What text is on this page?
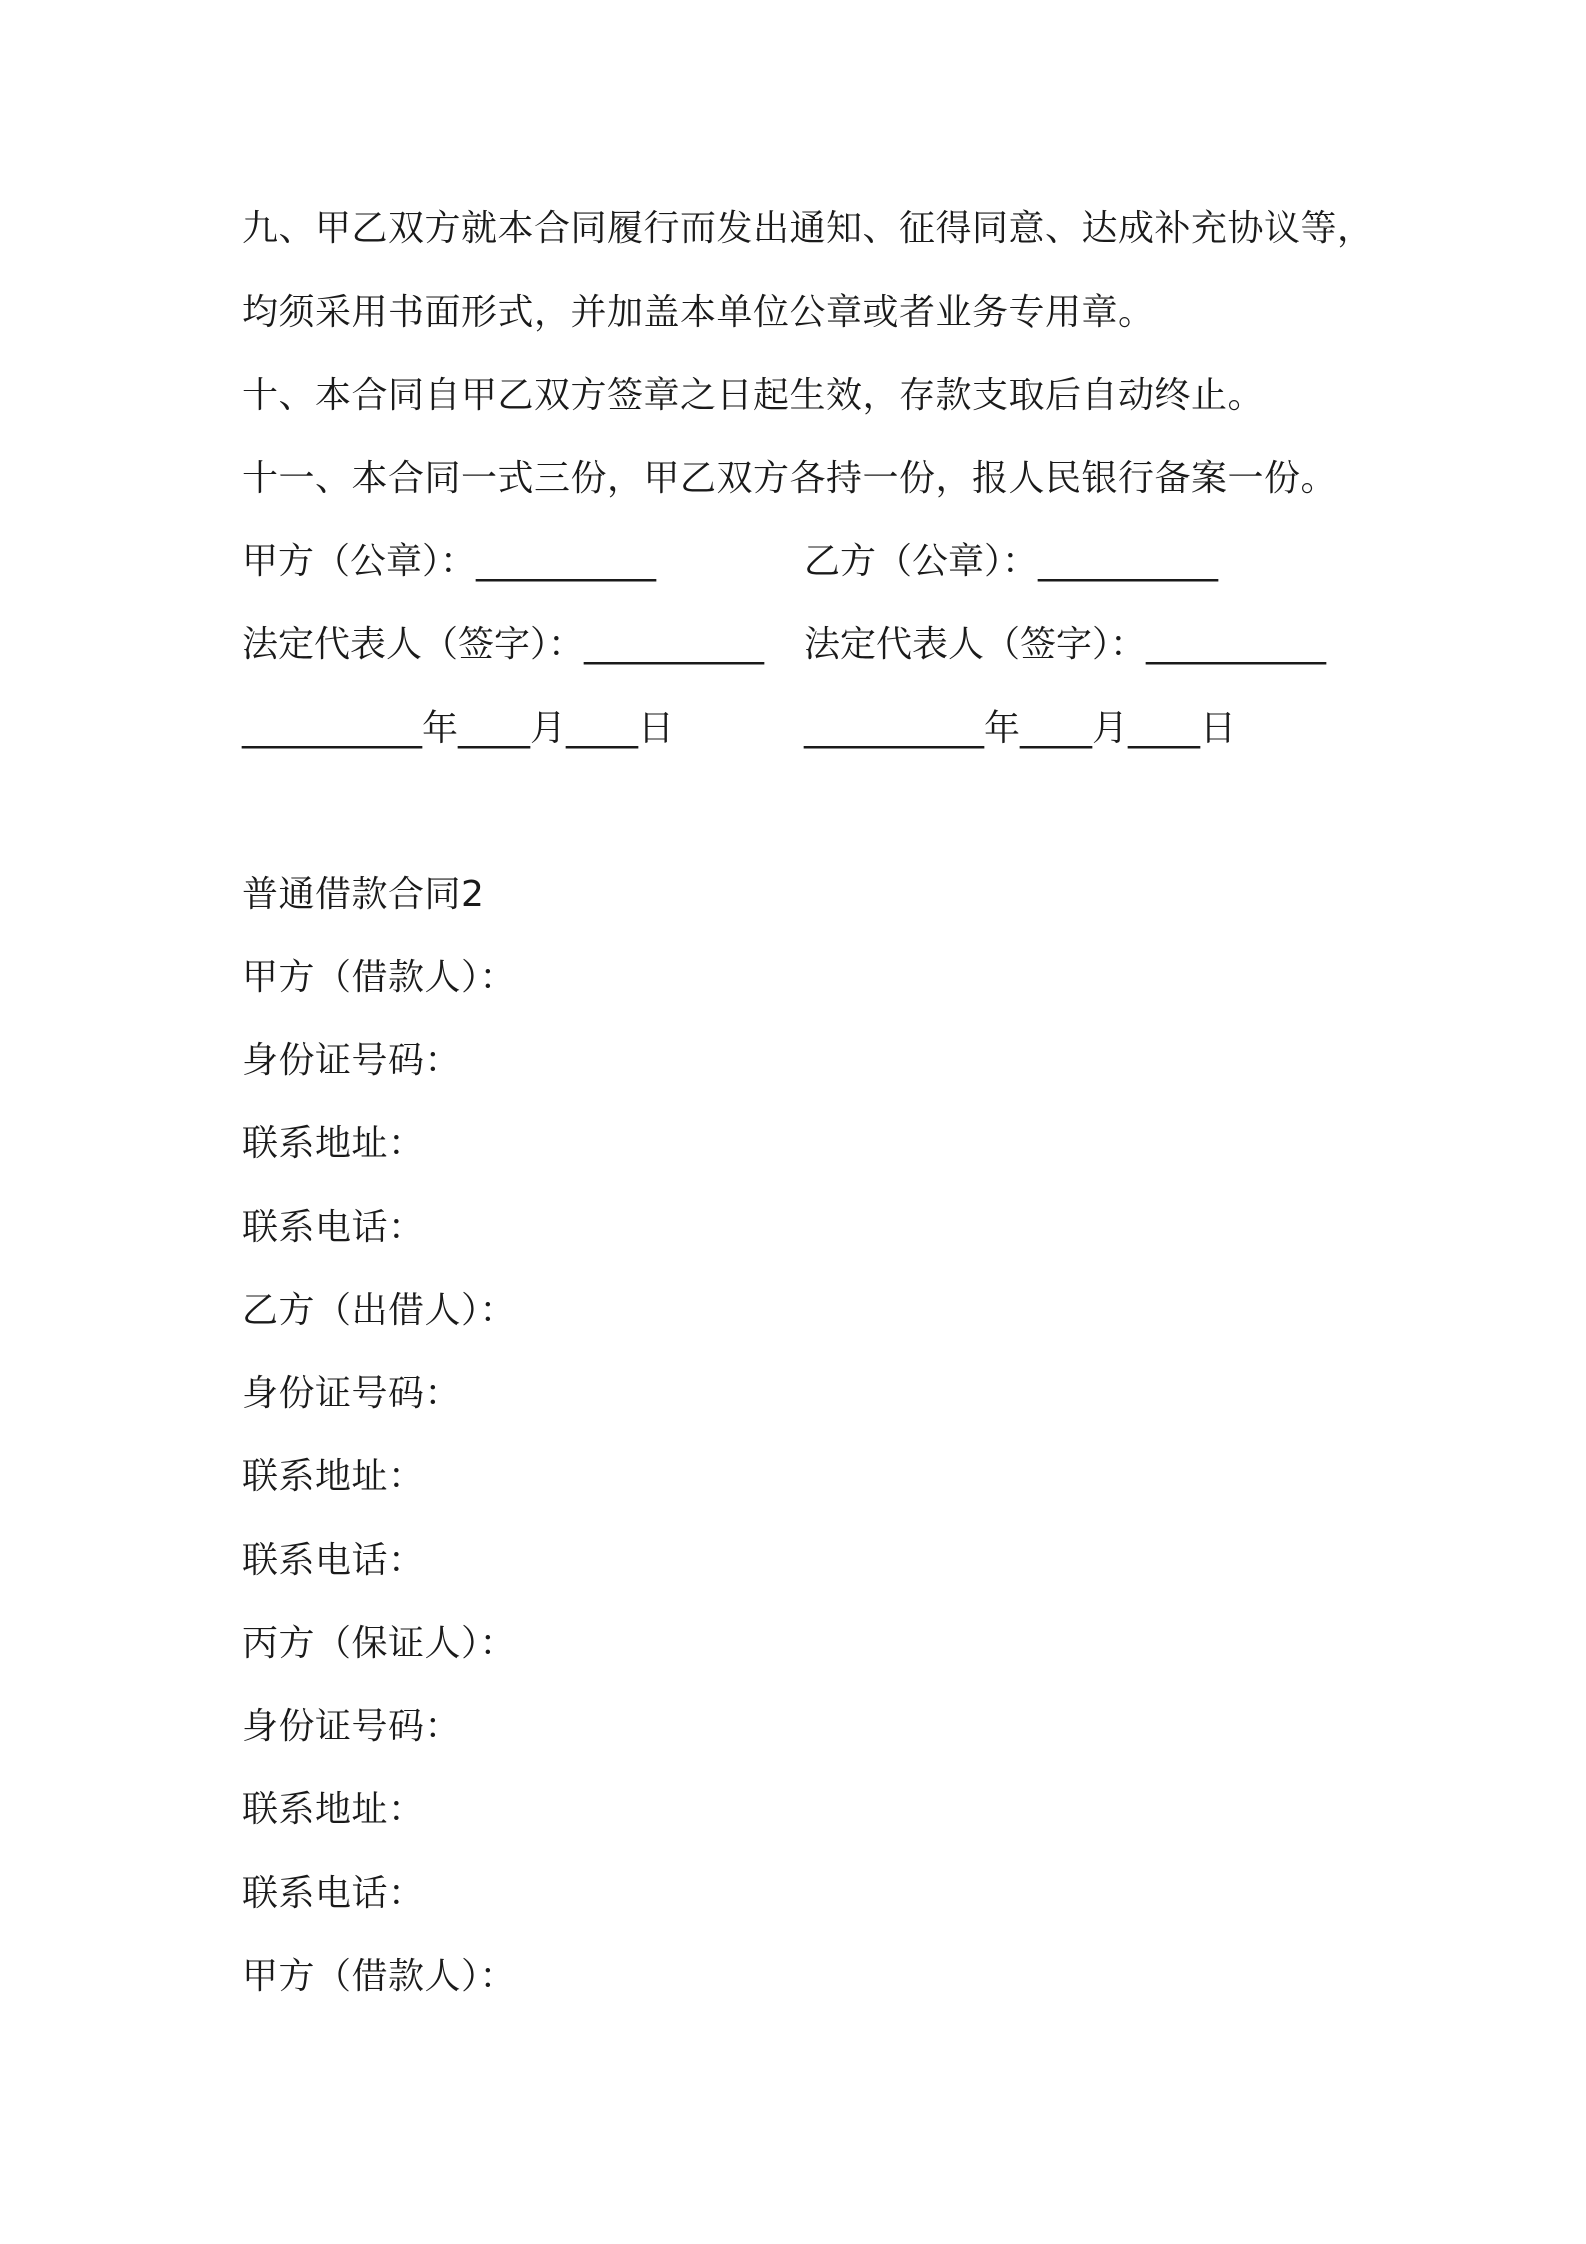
九、甲乙双方就本合同履行而发出通知、征得同意、达成补充协议等，
均须采用书面形式，并加盖本单位公章或者业务专用章。
十、本合同自甲乙双方签章之日起生效，存款支取后自动终止。
十一、本合同一式三份，甲乙双方各持一份，报人民银行备案一份。
甲方（公章）：__________	乙方（公章）：__________
法定代表人（签字）：__________ 法定代表人（签字）：__________
__________年____月____日	__________年____月____日
普通借款合同2
甲方（借款人）：
身份证号码：
联系地址：
联系电话：
乙方（出借人）：
身份证号码：
联系地址：
联系电话：
丙方（保证人）：
身份证号码：
联系地址：
联系电话：
甲方（借款人）：
